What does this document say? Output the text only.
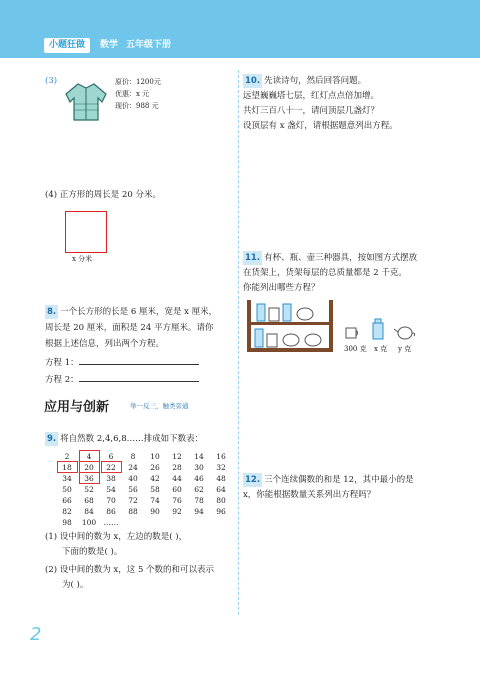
小题狂做	数学 五年级下册
(3)	原价：1200元
优惠：x 元
现价：988 元
(4) 正方形的周长是 20 分米。
x 分米
8. 一个长方形的长是 6 厘米，宽是 x 厘米，
周长是 20 厘米，面积是 24 平方厘米。请你
根据上述信息，列出两个方程。
方程 1：
方程 2：
应用与创新	举一反三，触类旁通
9. 将自然数 2,4,6,8……排成如下数表：
2	4	6	8	10	12	14	16
18	20	22	24	26	28	30	32
34	36	38	40	42	44	46	48
50	52	54	56	58	60	62	64
66	68	70	72	74	76	78	80
82	84	86	88	90	92	94	96
98	100 ……
(1) 设中间的数为 x，左边的数是( )，
下面的数是( )。
(2) 设中间的数为 x，这 5 个数的和可以表示
为( )。
10. 先读诗句，然后回答问题。
远望巍巍塔七层，红灯点点倍加增。
共灯三百八十一，请问顶层几盏灯？
设顶层有 x 盏灯，请根据题意列出方程。
11. 有杯、瓶、壶三种器具，按如图方式摆放
在货架上，货架每层的总质量都是 2 千克。
你能列出哪些方程？
300 克 x 克 y 克
12. 三个连续偶数的和是 12，其中最小的是
x，你能根据数量关系列出方程吗？
2
